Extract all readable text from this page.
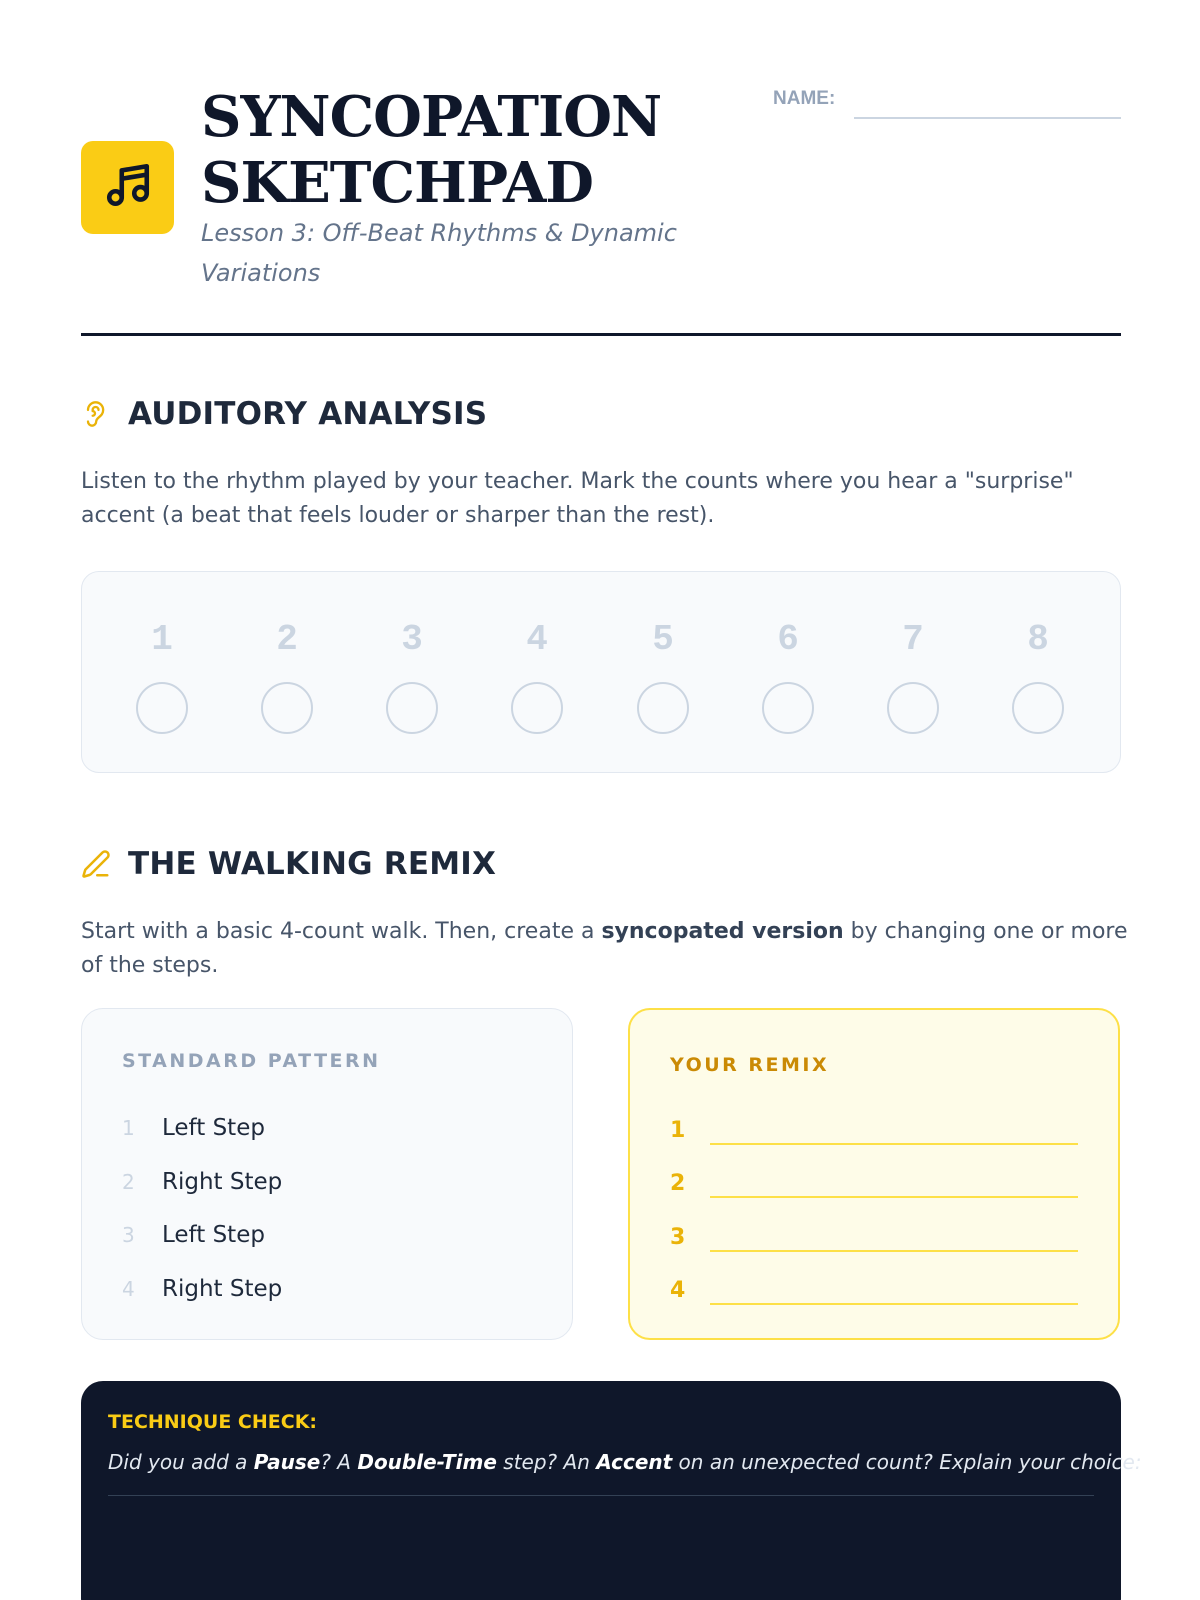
SYNCOPATION
SKETCHPAD
Lesson 3: Off-Beat Rhythms & Dynamic Variations
NAME:
AUDITORY ANALYSIS
Listen to the rhythm played by your teacher. Mark the counts where you hear a "surprise" accent (a beat that feels louder or sharper than the rest).
1	2	3	4	5	6	7	8
THE WALKING REMIX
Start with a basic 4-count walk. Then, create a syncopated version by changing one or more of the steps.
STANDARD PATTERN
1	Left Step
2	Right Step
3	Left Step
4	Right Step
YOUR REMIX
1
2
3
4
TECHNIQUE CHECK:
Did you add a Pause? A Double-Time step? An Accent on an unexpected count? Explain your choice:
